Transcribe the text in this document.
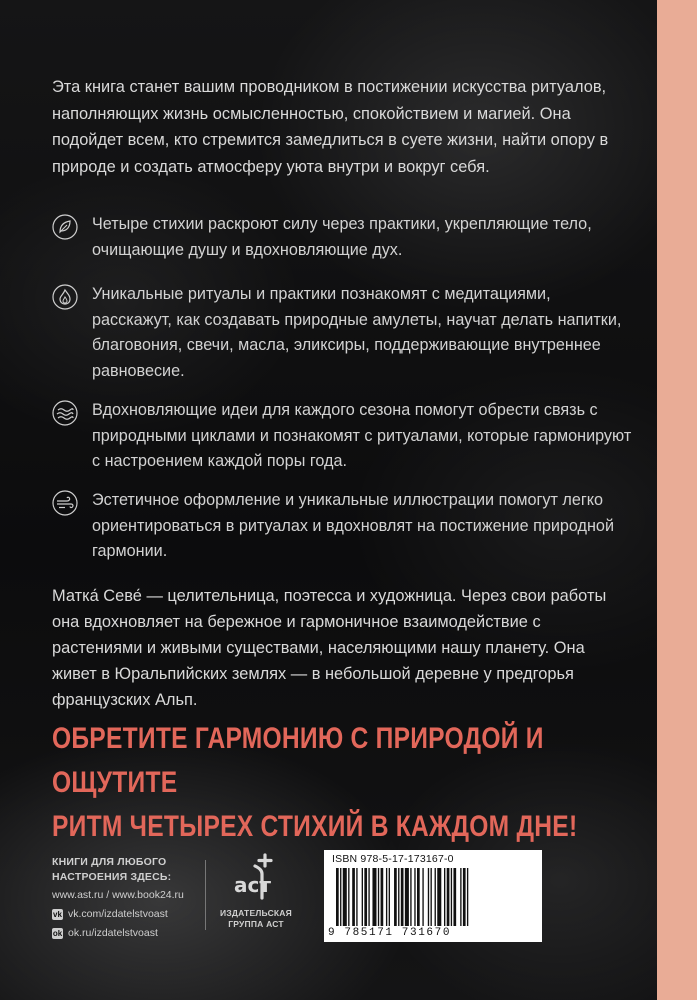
Эта книга станет вашим проводником в постижении искусства ритуалов, наполняющих жизнь осмысленностью, спокойствием и магией. Она подойдет всем, кто стремится замедлиться в суете жизни, найти опору в природе и создать атмосферу уюта внутри и вокруг себя.

Четыре стихии раскроют силу через практики, укрепляющие тело, очищающие душу и вдохновляющие дух.

Уникальные ритуалы и практики познакомят с медитациями, расскажут, как создавать природные амулеты, научат делать напитки, благовония, свечи, масла, эликсиры, поддерживающие внутреннее равновесие.

Вдохновляющие идеи для каждого сезона помогут обрести связь с природными циклами и познакомят с ритуалами, которые гармонируют с настроением каждой поры года.

Эстетичное оформление и уникальные иллюстрации помогут легко ориентироваться в ритуалах и вдохновлят на постижение природной гармонии.

Матка́ Севе́ — целительница, поэтесса и художница. Через свои работы она вдохновляет на бережное и гармоничное взаимодействие с растениями и живыми существами, населяющими нашу планету. Она живет в Юральпийских землях — в небольшой деревне у предгорья французских Альп.

ОБРЕТИТЕ ГАРМОНИЮ С ПРИРОДОЙ И ОЩУТИТЕ
РИТМ ЧЕТЫРЕХ СТИХИЙ В КАЖДОМ ДНЕ!
КНИГИ ДЛЯ ЛЮБОГО
НАСТРОЕНИЯ ЗДЕСЬ:
www.ast.ru / www.book24.ru
vk vk.com/izdatelstvoast
ok ok.ru/izdatelstvoast
аст
ИЗДАТЕЛЬСКАЯ
ГРУППА АСТ
ISBN 978-5-17-173167-0
9 785171 731670
